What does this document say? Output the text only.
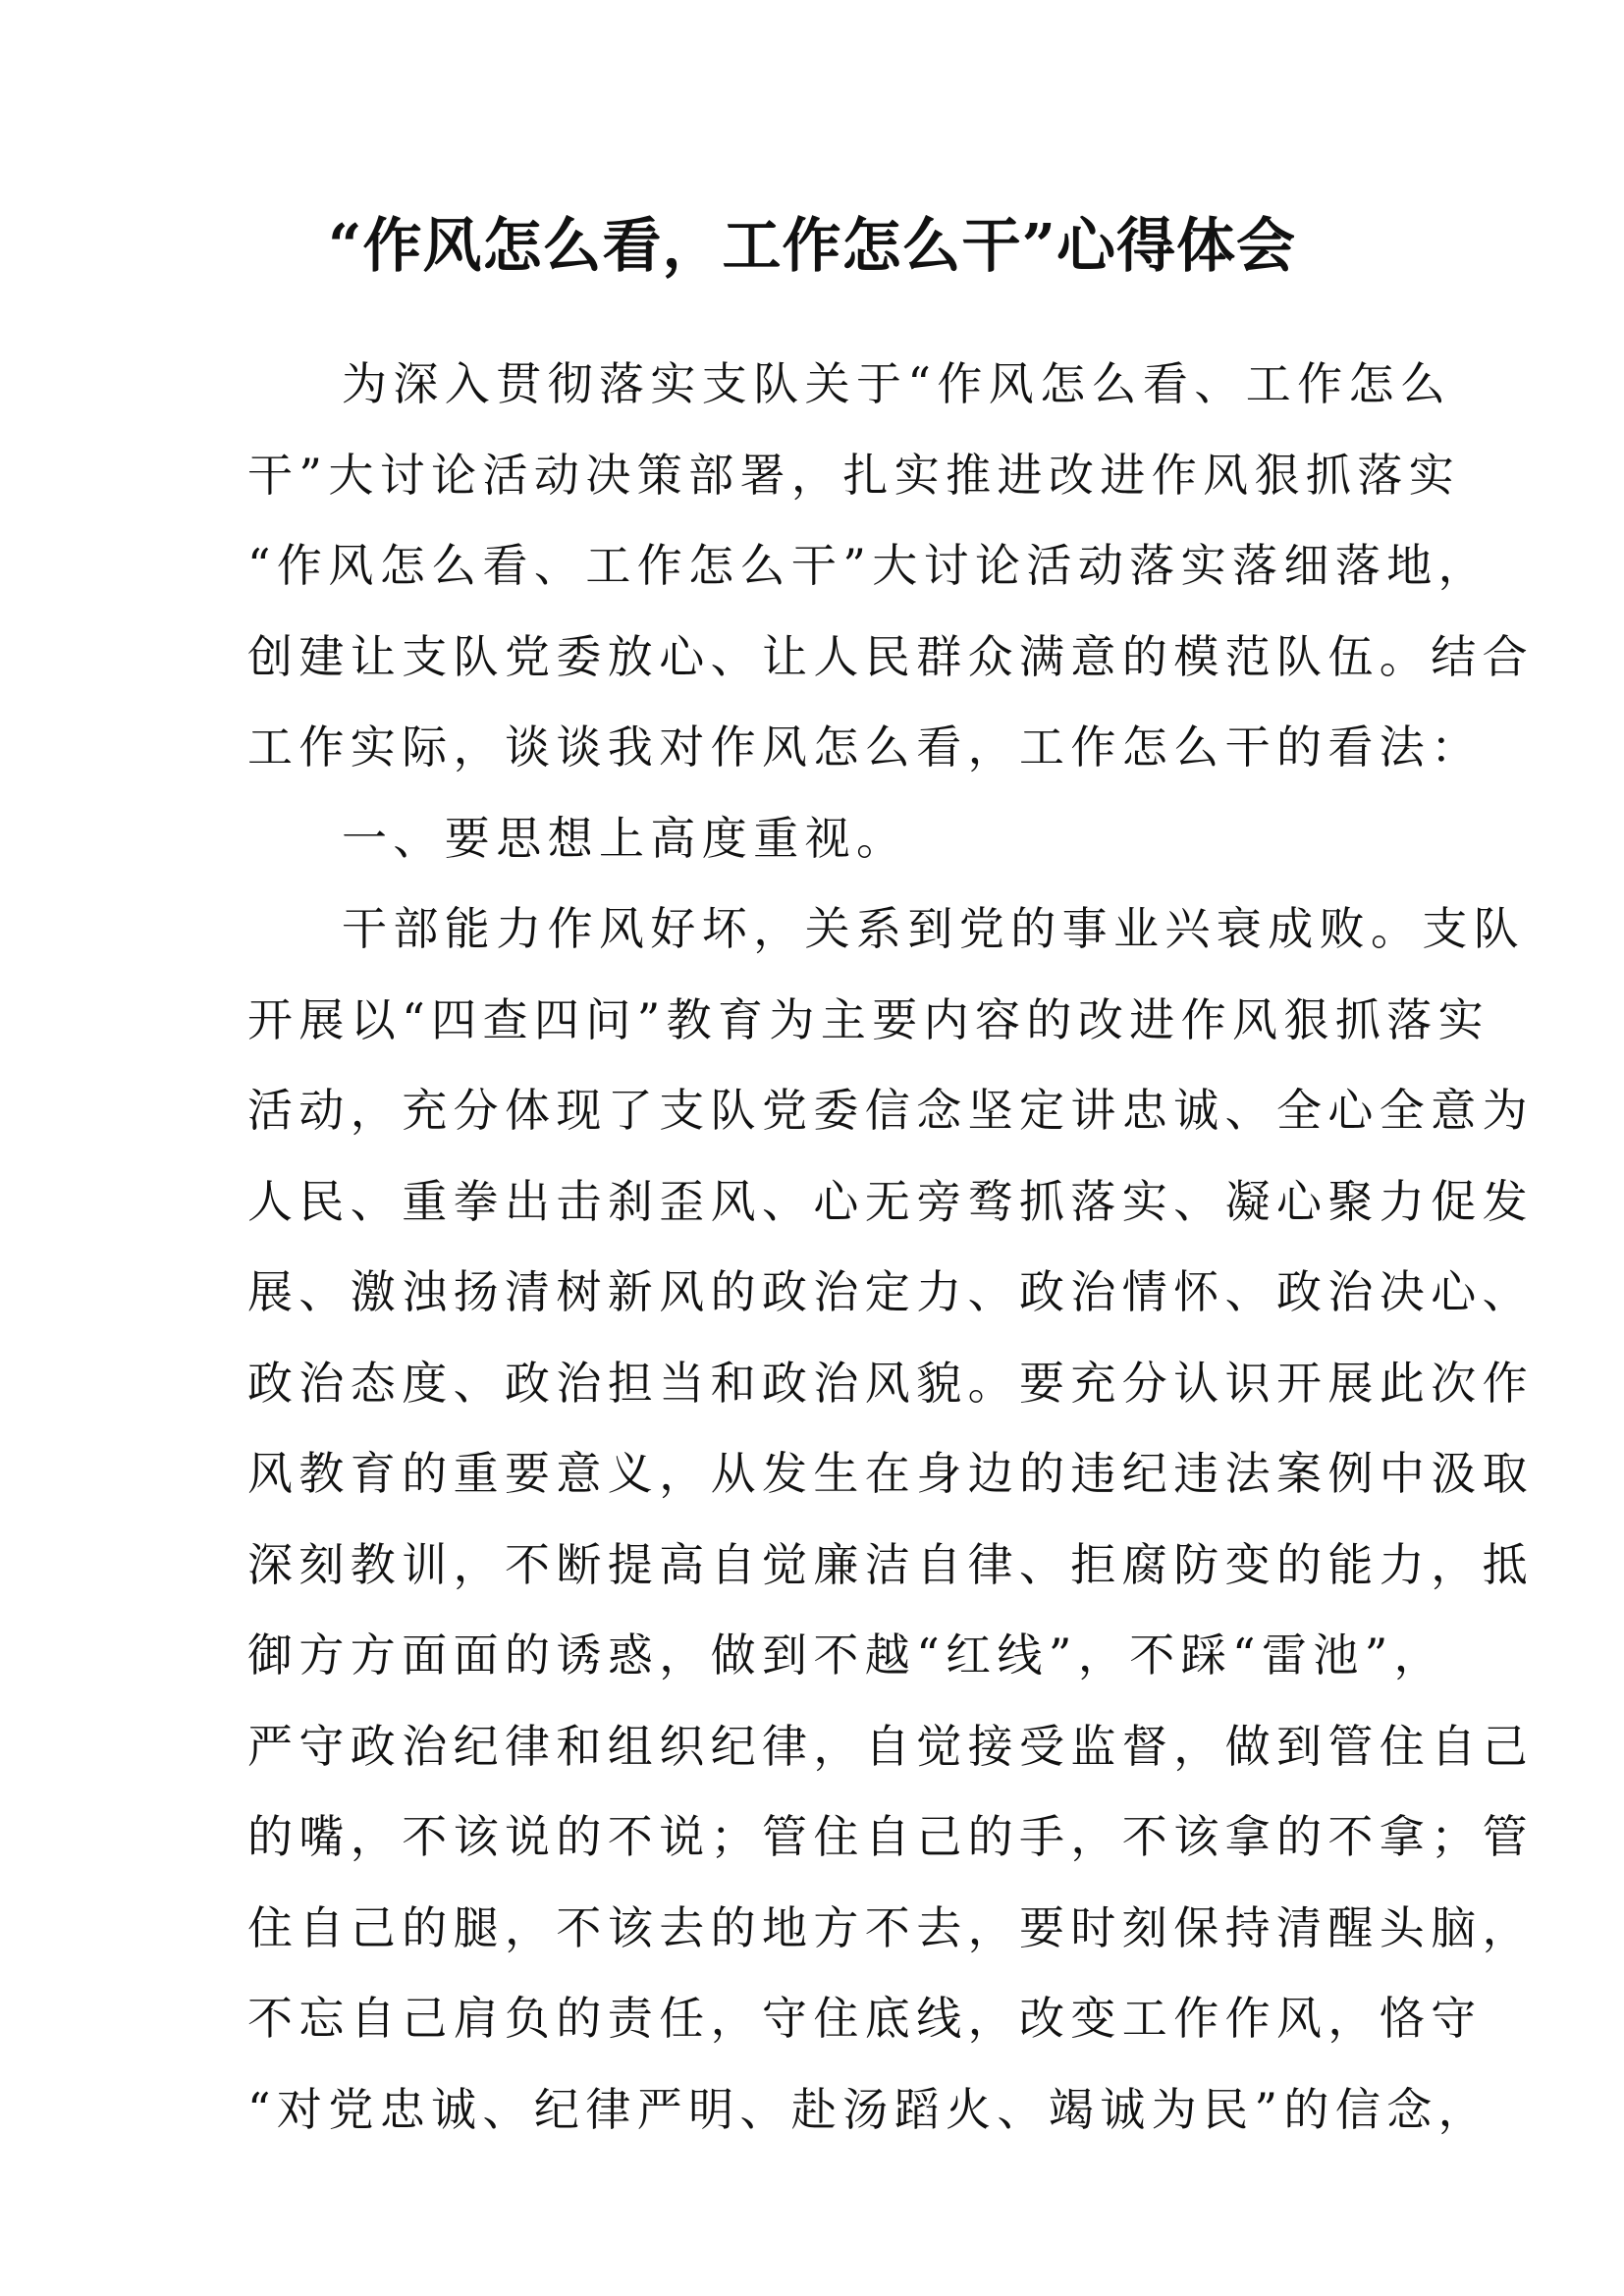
“作风怎么看，工作怎么干”心得体会
为深入贯彻落实支队关于“作风怎么看、工作怎么
干”大讨论活动决策部署，扎实推进改进作风狠抓落实
“作风怎么看、工作怎么干”大讨论活动落实落细落地，
创建让支队党委放心、让人民群众满意的模范队伍。结合
工作实际，谈谈我对作风怎么看，工作怎么干的看法：
一、要思想上高度重视。
干部能力作风好坏，关系到党的事业兴衰成败。支队
开展以“四查四问”教育为主要内容的改进作风狠抓落实
活动，充分体现了支队党委信念坚定讲忠诚、全心全意为
人民、重拳出击刹歪风、心无旁骛抓落实、凝心聚力促发
展、激浊扬清树新风的政治定力、政治情怀、政治决心、
政治态度、政治担当和政治风貌。要充分认识开展此次作
风教育的重要意义，从发生在身边的违纪违法案例中汲取
深刻教训，不断提高自觉廉洁自律、拒腐防变的能力，抵
御方方面面的诱惑，做到不越“红线”，不踩“雷池”，
严守政治纪律和组织纪律，自觉接受监督，做到管住自己
的嘴，不该说的不说；管住自己的手，不该拿的不拿；管
住自己的腿，不该去的地方不去，要时刻保持清醒头脑，
不忘自己肩负的责任，守住底线，改变工作作风，恪守
“对党忠诚、纪律严明、赴汤蹈火、竭诚为民”的信念，
